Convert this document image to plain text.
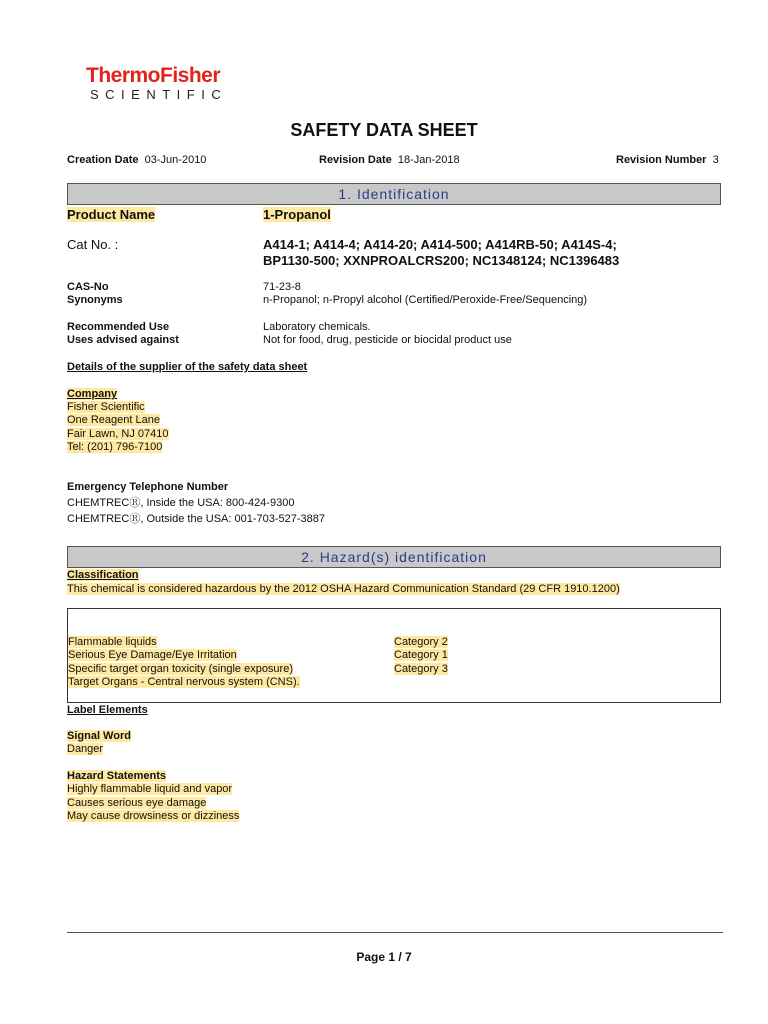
ThermoFisher
SCIENTIFIC
SAFETY DATA SHEET
Creation Date 03-Jun-2010	Revision Date 18-Jan-2018	Revision Number 3
1. Identification
Product Name	1-Propanol
Cat No. :	A414-1; A414-4; A414-20; A414-500; A414RB-50; A414S-4;
BP1130-500; XXNPROALCRS200; NC1348124; NC1396483
CAS-No	71-23-8
Synonyms	n-Propanol; n-Propyl alcohol (Certified/Peroxide-Free/Sequencing)
Recommended Use	Laboratory chemicals.
Uses advised against	Not for food, drug, pesticide or biocidal product use
Details of the supplier of the safety data sheet
Company
Fisher Scientific
One Reagent Lane
Fair Lawn, NJ 07410
Tel: (201) 796-7100
Emergency Telephone Number
CHEMTRECⓇ, Inside the USA: 800-424-9300
CHEMTRECⓇ, Outside the USA: 001-703-527-3887
2. Hazard(s) identification
Classification
This chemical is considered hazardous by the 2012 OSHA Hazard Communication Standard (29 CFR 1910.1200)
Flammable liquids	Category 2
Serious Eye Damage/Eye Irritation	Category 1
Specific target organ toxicity (single exposure)	Category 3
Target Organs - Central nervous system (CNS).
Label Elements
Signal Word
Danger
Hazard Statements
Highly flammable liquid and vapor
Causes serious eye damage
May cause drowsiness or dizziness
Page 1 / 7
